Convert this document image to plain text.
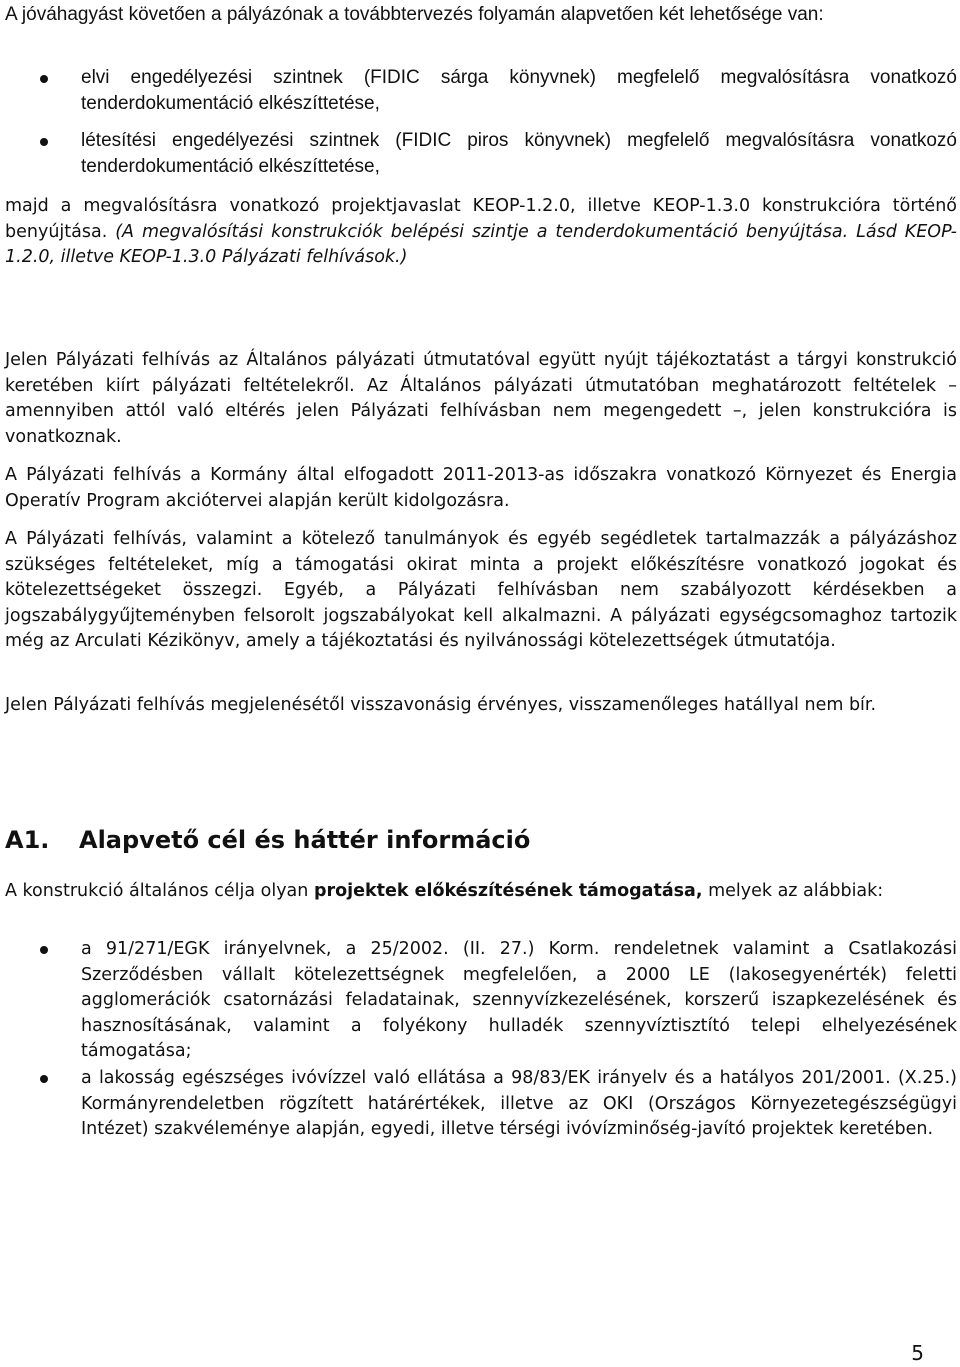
A jóváhagyást követően a pályázónak a továbbtervezés folyamán alapvetően két lehetősége van:
elvi engedélyezési szintnek (FIDIC sárga könyvnek) megfelelő megvalósításra vonatkozó tenderdokumentáció elkészíttetése,
létesítési engedélyezési szintnek (FIDIC piros könyvnek) megfelelő megvalósításra vonatkozó tenderdokumentáció elkészíttetése,
majd a megvalósításra vonatkozó projektjavaslat KEOP-1.2.0, illetve KEOP-1.3.0 konstrukcióra történő benyújtása. (A megvalósítási konstrukciók belépési szintje a tenderdokumentáció benyújtása. Lásd KEOP-1.2.0, illetve KEOP-1.3.0 Pályázati felhívások.)
Jelen Pályázati felhívás az Általános pályázati útmutatóval együtt nyújt tájékoztatást a tárgyi konstrukció keretében kiírt pályázati feltételekről. Az Általános pályázati útmutatóban meghatározott feltételek – amennyiben attól való eltérés jelen Pályázati felhívásban nem megengedett –, jelen konstrukcióra is vonatkoznak.
A Pályázati felhívás a Kormány által elfogadott 2011-2013-as időszakra vonatkozó Környezet és Energia Operatív Program akciótervei alapján került kidolgozásra.
A Pályázati felhívás, valamint a kötelező tanulmányok és egyéb segédletek tartalmazzák a pályázáshoz szükséges feltételeket, míg a támogatási okirat minta a projekt előkészítésre vonatkozó jogokat és kötelezettségeket összegzi. Egyéb, a Pályázati felhívásban nem szabályozott kérdésekben a jogszabálygyűjteményben felsorolt jogszabályokat kell alkalmazni. A pályázati egységcsomaghoz tartozik még az Arculati Kézikönyv, amely a tájékoztatási és nyilvánossági kötelezettségek útmutatója.
Jelen Pályázati felhívás megjelenésétől visszavonásig érvényes, visszamenőleges hatállyal nem bír.
A1. Alapvető cél és háttér információ
A konstrukció általános célja olyan projektek előkészítésének támogatása, melyek az alábbiak:
a 91/271/EGK irányelvnek, a 25/2002. (II. 27.) Korm. rendeletnek valamint a Csatlakozási Szerződésben vállalt kötelezettségnek megfelelően, a 2000 LE (lakosegyenérték) feletti agglomerációk csatornázási feladatainak, szennyvízkezelésének, korszerű iszapkezelésének és hasznosításának, valamint a folyékony hulladék szennyvíztisztító telepi elhelyezésének támogatása;
a lakosság egészséges ivóvízzel való ellátása a 98/83/EK irányelv és a hatályos 201/2001. (X.25.) Kormányrendeletben rögzített határértékek, illetve az OKI (Országos Környezetegészségügyi Intézet) szakvéleménye alapján, egyedi, illetve térségi ivóvízminőség-javító projektek keretében.
5
